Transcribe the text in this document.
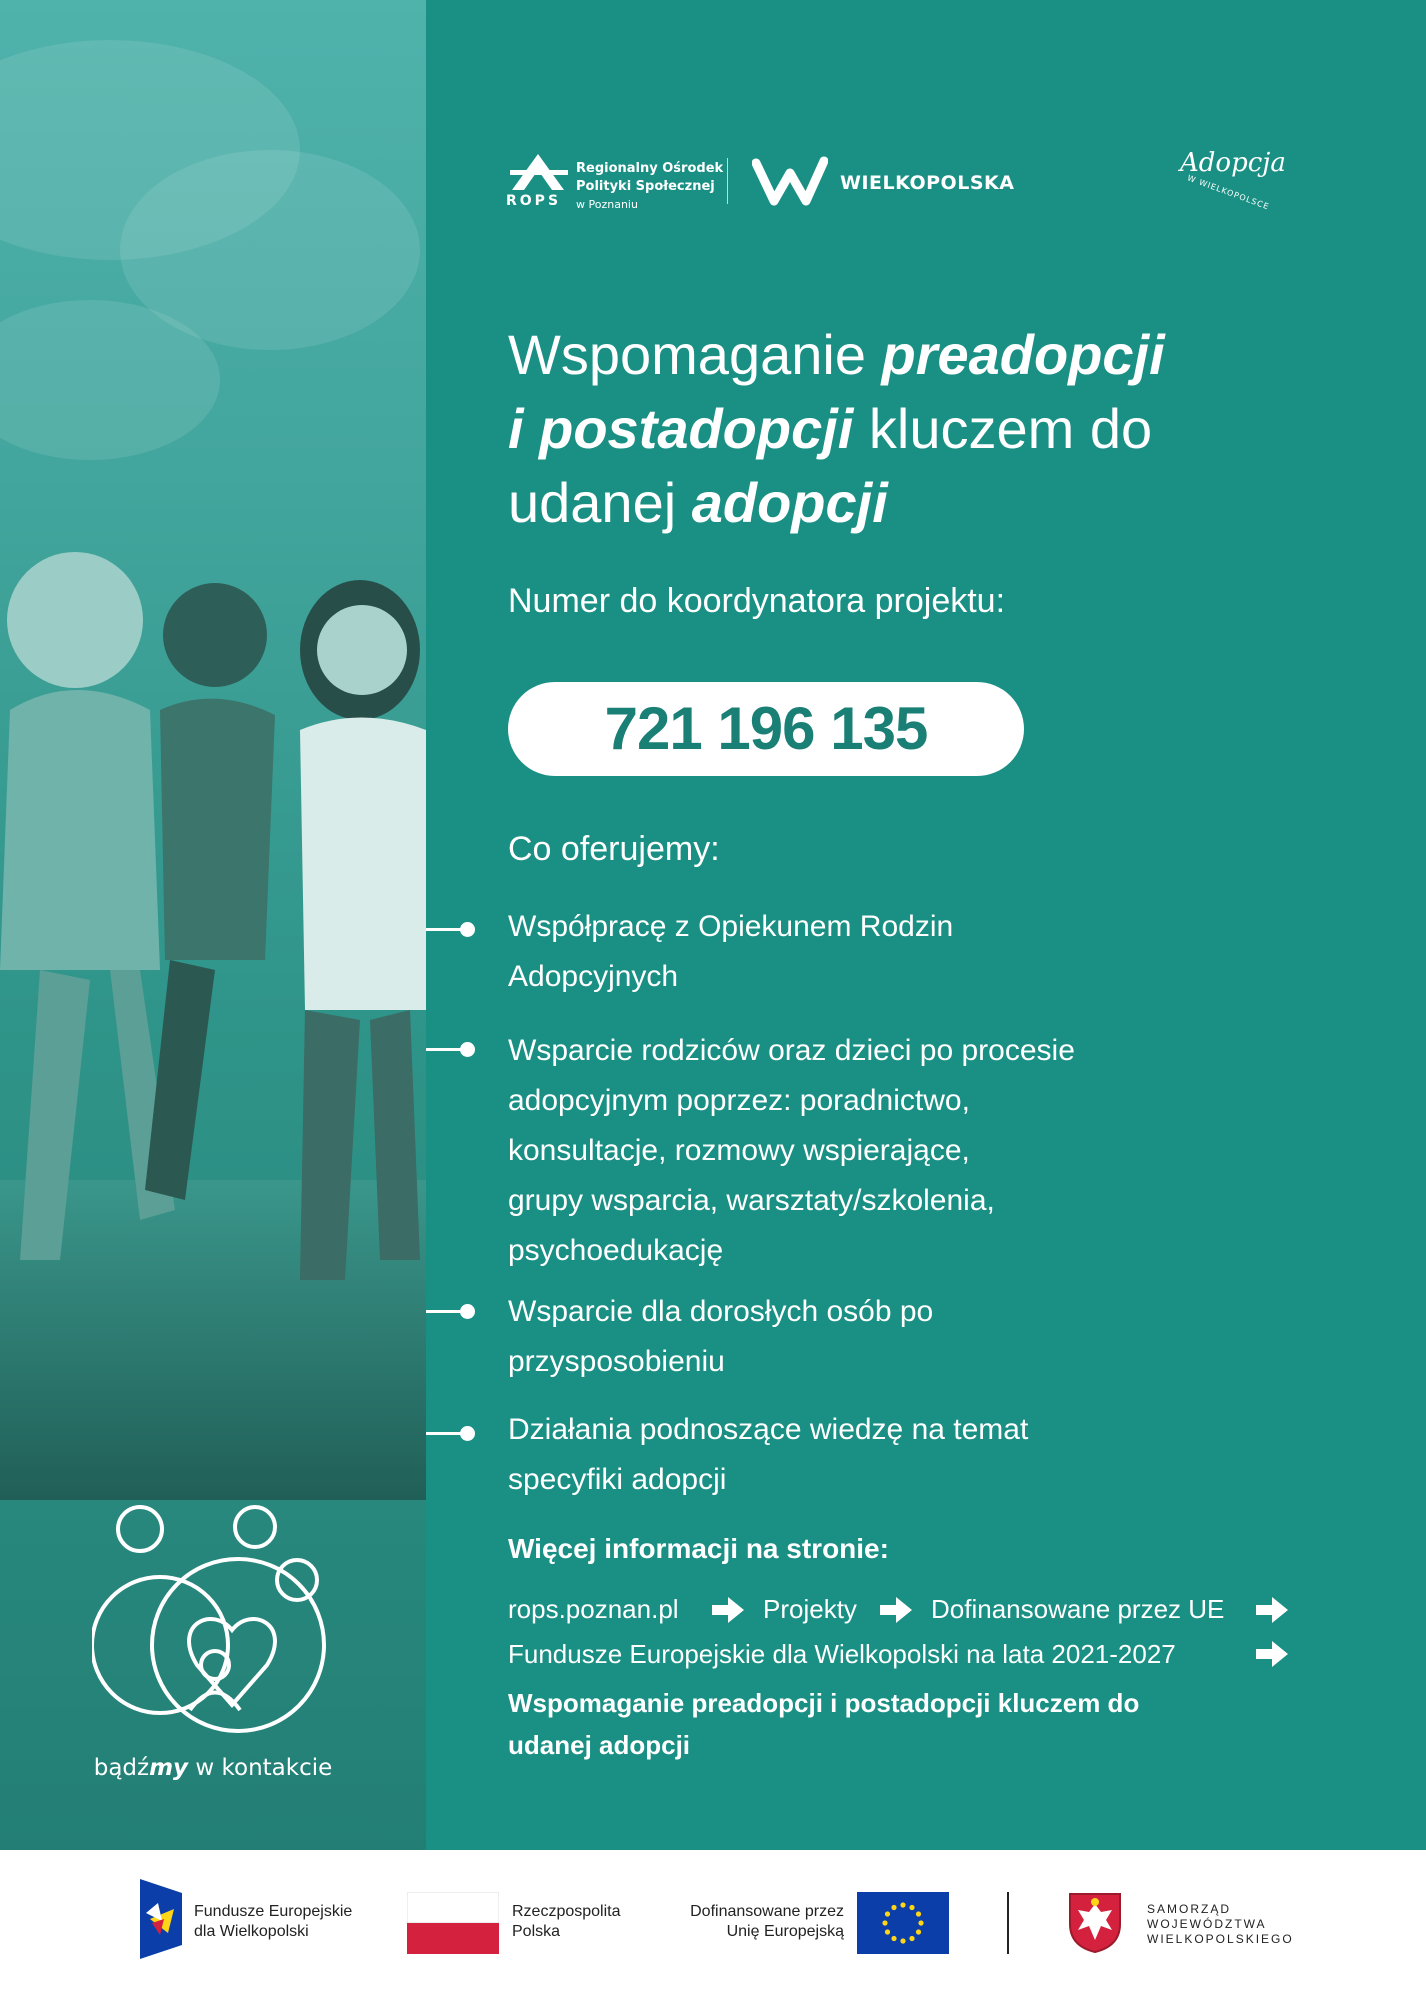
bądźmy w kontakcie
ROPS
Regionalny Ośrodek
Polityki Społecznej
w Poznaniu
WIELKOPOLSKA
Adopcja
W WIELKOPOLSCE
Wspomaganie preadopcji
i postadopcji kluczem do
udanej adopcji
Numer do koordynatora projektu:
721 196 135
Co oferujemy:
Współpracę z Opiekunem Rodzin
Adopcyjnych
Wsparcie rodziców oraz dzieci po procesie
adopcyjnym poprzez: poradnictwo,
konsultacje, rozmowy wspierające,
grupy wsparcia, warsztaty/szkolenia,
psychoedukację
Wsparcie dla dorosłych osób po
przysposobieniu
Działania podnoszące wiedzę na temat
specyfiki adopcji
Więcej informacji na stronie:
rops.poznan.pl	Projekty	Dofinansowane przez UE
Fundusze Europejskie dla Wielkopolski na lata 2021-2027
Wspomaganie preadopcji i postadopcji kluczem do
udanej adopcji
Fundusze Europejskie
dla Wielkopolski
Rzeczpospolita
Polska
Dofinansowane przez
Unię Europejską
SAMORZĄD
WOJEWÓDZTWA
WIELKOPOLSKIEGO
